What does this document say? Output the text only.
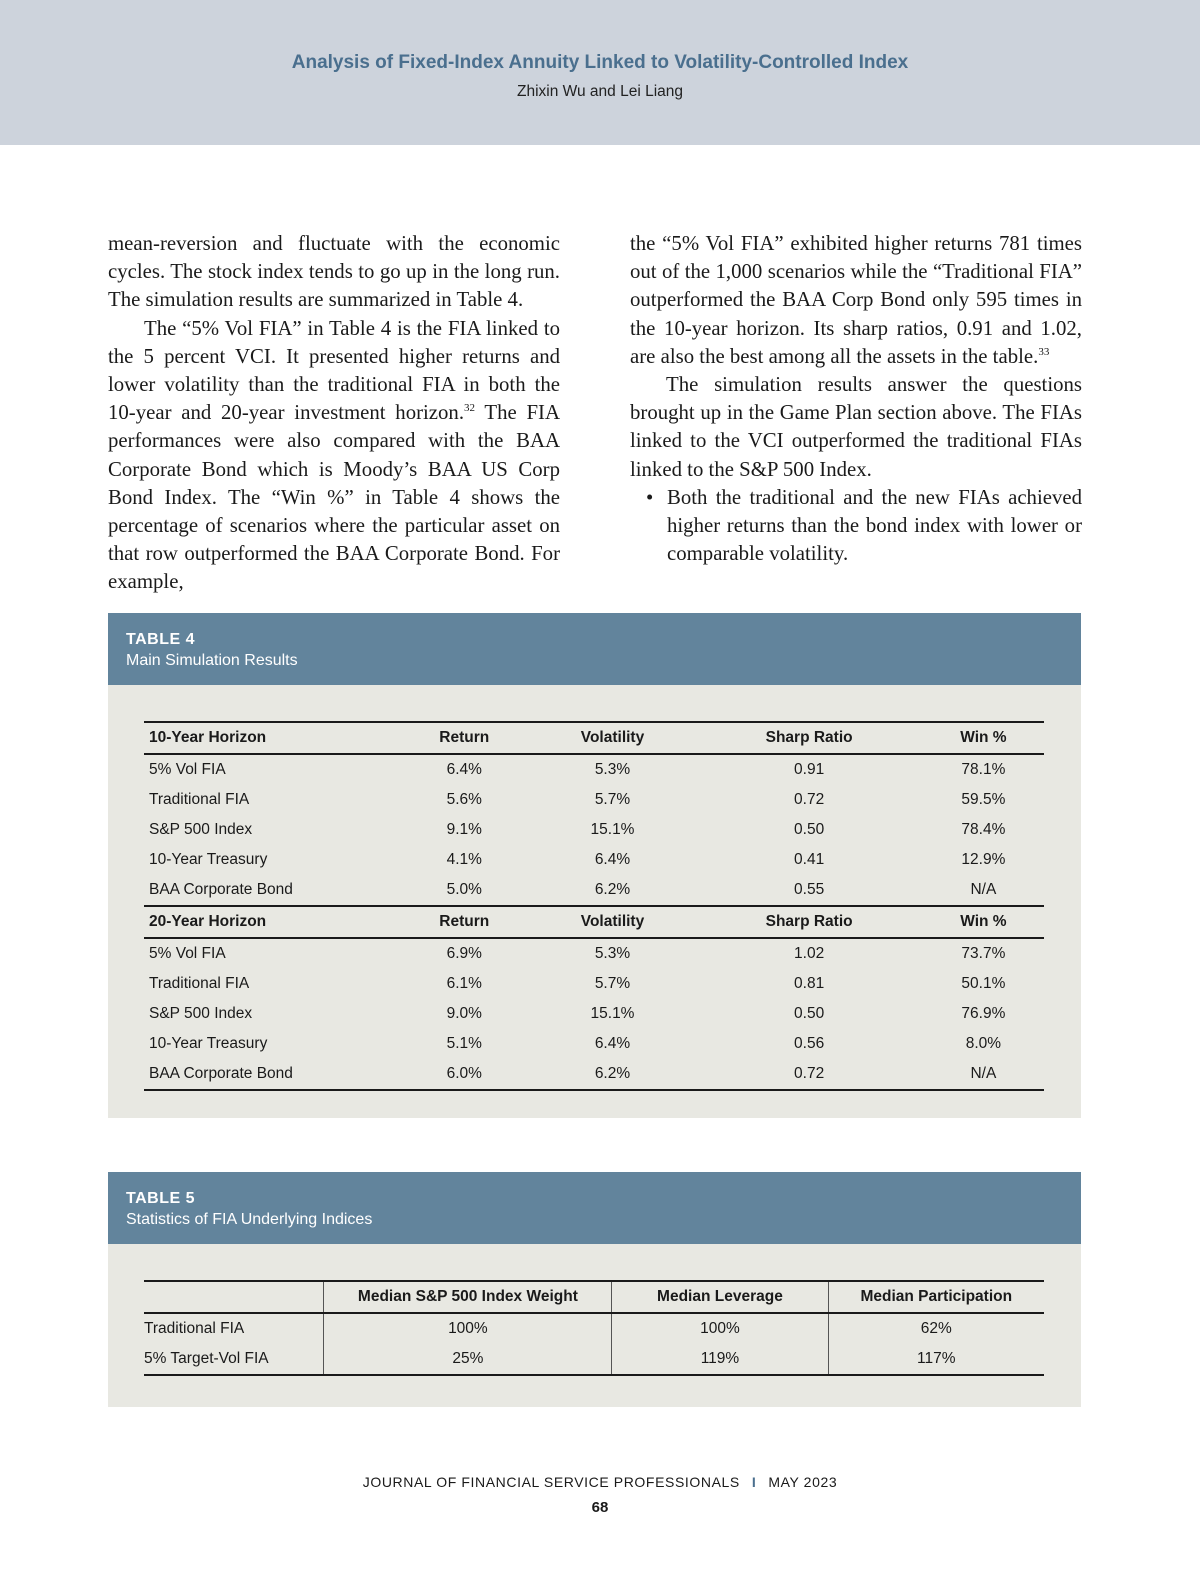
Analysis of Fixed-Index Annuity Linked to Volatility-Controlled Index
Zhixin Wu and Lei Liang

mean-reversion and fluctuate with the economic cycles. The stock index tends to go up in the long run. The simulation results are summarized in Table 4.

The “5% Vol FIA” in Table 4 is the FIA linked to the 5 percent VCI. It presented higher returns and lower volatility than the traditional FIA in both the 10-year and 20-year investment horizon.$^{32}$ The FIA performances were also compared with the BAA Corporate Bond which is Moody’s BAA US Corp Bond Index. The “Win %” in Table 4 shows the percentage of scenarios where the particular asset on that row outperformed the BAA Corporate Bond. For example,

the “5% Vol FIA” exhibited higher returns 781 times out of the 1,000 scenarios while the “Traditional FIA” outperformed the BAA Corp Bond only 595 times in the 10-year horizon. Its sharp ratios, 0.91 and 1.02, are also the best among all the assets in the table.$^{33}$

The simulation results answer the questions brought up in the Game Plan section above. The FIAs linked to the VCI outperformed the traditional FIAs linked to the S&P 500 Index.

• Both the traditional and the new FIAs achieved higher returns than the bond index with lower or comparable volatility.

TABLE 4
Main Simulation Results
10-Year Horizon	Return	Volatility	Sharp Ratio	Win %
5% Vol FIA	6.4%	5.3%	0.91	78.1%
Traditional FIA	5.6%	5.7%	0.72	59.5%
S&P 500 Index	9.1%	15.1%	0.50	78.4%
10-Year Treasury	4.1%	6.4%	0.41	12.9%
BAA Corporate Bond	5.0%	6.2%	0.55	N/A
20-Year Horizon	Return	Volatility	Sharp Ratio	Win %
5% Vol FIA	6.9%	5.3%	1.02	73.7%
Traditional FIA	6.1%	5.7%	0.81	50.1%
S&P 500 Index	9.0%	15.1%	0.50	76.9%
10-Year Treasury	5.1%	6.4%	0.56	8.0%
BAA Corporate Bond	6.0%	6.2%	0.72	N/A
TABLE 5
Statistics of FIA Underlying Indices
	Median S&P 500 Index Weight	Median Leverage	Median Participation
Traditional FIA	100%	100%	62%
5% Target-Vol FIA	25%	119%	117%
JOURNAL OF FINANCIAL SERVICE PROFESSIONALS I MAY 2023
68
